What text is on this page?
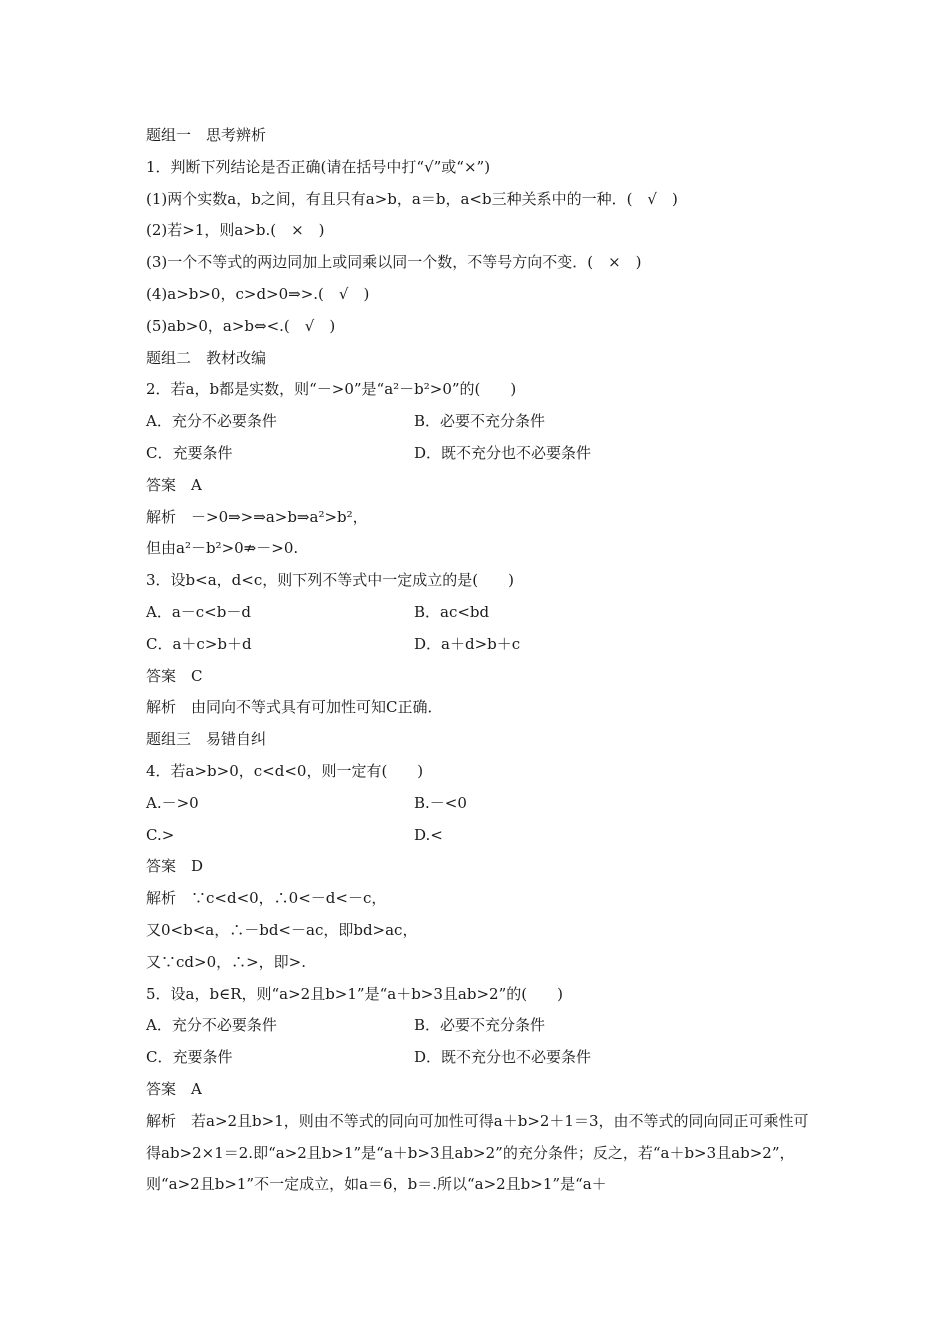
题组一　思考辨析
1．判断下列结论是否正确(请在括号中打“√”或“×”)
(1)两个实数a，b之间，有且只有a>b，a＝b，a<b三种关系中的一种．(　√　)
(2)若>1，则a>b.(　×　)
(3)一个不等式的两边同加上或同乘以同一个数，不等号方向不变．(　×　)
(4)a>b>0，c>d>0⇒>.(　√　)
(5)ab>0，a>b⇔<.(　√　)
题组二　教材改编
2．若a，b都是实数，则“－>0”是“a²－b²>0”的(　　)
A．充分不必要条件	B．必要不充分条件
C．充要条件	D．既不充分也不必要条件
答案　A
解析　－>0⇒>⇒a>b⇒a²>b²，
但由a²－b²>0⇏－>0.
3．设b<a，d<c，则下列不等式中一定成立的是(　　)
A．a－c<b－d	B．ac<bd
C．a＋c>b＋d	D．a＋d>b＋c
答案　C
解析　由同向不等式具有可加性可知C正确．
题组三　易错自纠
4．若a>b>0，c<d<0，则一定有(　　)
A.－>0	B.－<0
C.>	D.<
答案　D
解析　∵c<d<0，∴0<－d<－c，
又0<b<a，∴－bd<－ac，即bd>ac，
又∵cd>0，∴>，即>.
5．设a，b∈R，则“a>2且b>1”是“a＋b>3且ab>2”的(　　)
A．充分不必要条件	B．必要不充分条件
C．充要条件	D．既不充分也不必要条件
答案　A
解析　若a>2且b>1，则由不等式的同向可加性可得a＋b>2＋1＝3，由不等式的同向同正可乘性可得ab>2×1＝2.即“a>2且b>1”是“a＋b>3且ab>2”的充分条件；反之，若“a＋b>3且ab>2”，则“a>2且b>1”不一定成立，如a＝6，b＝.所以“a>2且b>1”是“a＋
